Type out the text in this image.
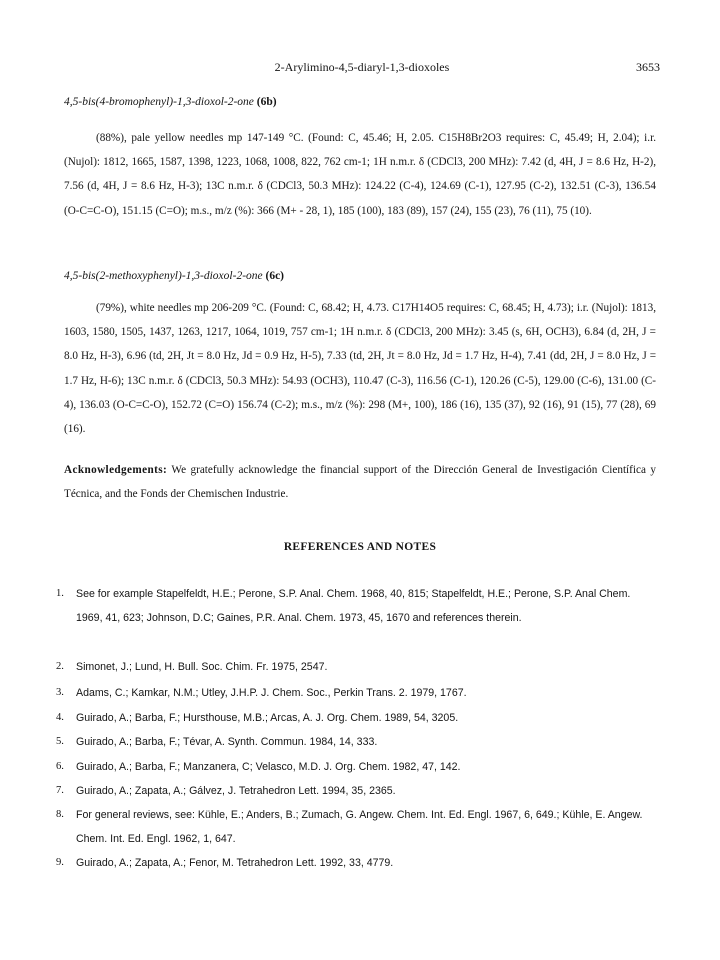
2-Arylimino-4,5-diaryl-1,3-dioxoles	3653
4,5-bis(4-bromophenyl)-1,3-dioxol-2-one (6b)

(88%), pale yellow needles mp 147-149 °C. (Found: C, 45.46; H, 2.05. C15H8Br2O3 requires: C, 45.49; H, 2.04); i.r. (Nujol): 1812, 1665, 1587, 1398, 1223, 1068, 1008, 822, 762 cm-1; 1H n.m.r. δ (CDCl3, 200 MHz): 7.42 (d, 4H, J = 8.6 Hz, H-2), 7.56 (d, 4H, J = 8.6 Hz, H-3); 13C n.m.r. δ (CDCl3, 50.3 MHz): 124.22 (C-4), 124.69 (C-1), 127.95 (C-2), 132.51 (C-3), 136.54 (O-C=C-O), 151.15 (C=O); m.s., m/z (%): 366 (M+ - 28, 1), 185 (100), 183 (89), 157 (24), 155 (23), 76 (11), 75 (10).

4,5-bis(2-methoxyphenyl)-1,3-dioxol-2-one (6c)

(79%), white needles mp 206-209 °C. (Found: C, 68.42; H, 4.73. C17H14O5 requires: C, 68.45; H, 4.73); i.r. (Nujol): 1813, 1603, 1580, 1505, 1437, 1263, 1217, 1064, 1019, 757 cm-1; 1H n.m.r. δ (CDCl3, 200 MHz): 3.45 (s, 6H, OCH3), 6.84 (d, 2H, J = 8.0 Hz, H-3), 6.96 (td, 2H, Jt = 8.0 Hz, Jd = 0.9 Hz, H-5), 7.33 (td, 2H, Jt = 8.0 Hz, Jd = 1.7 Hz, H-4), 7.41 (dd, 2H, J = 8.0 Hz, J = 1.7 Hz, H-6); 13C n.m.r. δ (CDCl3, 50.3 MHz): 54.93 (OCH3), 110.47 (C-3), 116.56 (C-1), 120.26 (C-5), 129.00 (C-6), 131.00 (C-4), 136.03 (O-C=C-O), 152.72 (C=O) 156.74 (C-2); m.s., m/z (%): 298 (M+, 100), 186 (16), 135 (37), 92 (16), 91 (15), 77 (28), 69 (16).

Acknowledgements: We gratefully acknowledge the financial support of the Dirección General de Investigación Científica y Técnica, and the Fonds der Chemischen Industrie.

REFERENCES AND NOTES
1.	See for example Stapelfeldt, H.E.; Perone, S.P. Anal. Chem. 1968, 40, 815; Stapelfeldt, H.E.; Perone, S.P. Anal Chem. 1969, 41, 623; Johnson, D.C; Gaines, P.R. Anal. Chem. 1973, 45, 1670 and references therein.
2.	Simonet, J.; Lund, H. Bull. Soc. Chim. Fr. 1975, 2547.
3.	Adams, C.; Kamkar, N.M.; Utley, J.H.P. J. Chem. Soc., Perkin Trans. 2. 1979, 1767.
4.	Guirado, A.; Barba, F.; Hursthouse, M.B.; Arcas, A. J. Org. Chem. 1989, 54, 3205.
5.	Guirado, A.; Barba, F.; Tévar, A. Synth. Commun. 1984, 14, 333.
6.	Guirado, A.; Barba, F.; Manzanera, C; Velasco, M.D. J. Org. Chem. 1982, 47, 142.
7.	Guirado, A.; Zapata, A.; Gálvez, J. Tetrahedron Lett. 1994, 35, 2365.
8.	For general reviews, see: Kühle, E.; Anders, B.; Zumach, G. Angew. Chem. Int. Ed. Engl. 1967, 6, 649.; Kühle, E. Angew. Chem. Int. Ed. Engl. 1962, 1, 647.
9.	Guirado, A.; Zapata, A.; Fenor, M. Tetrahedron Lett. 1992, 33, 4779.
